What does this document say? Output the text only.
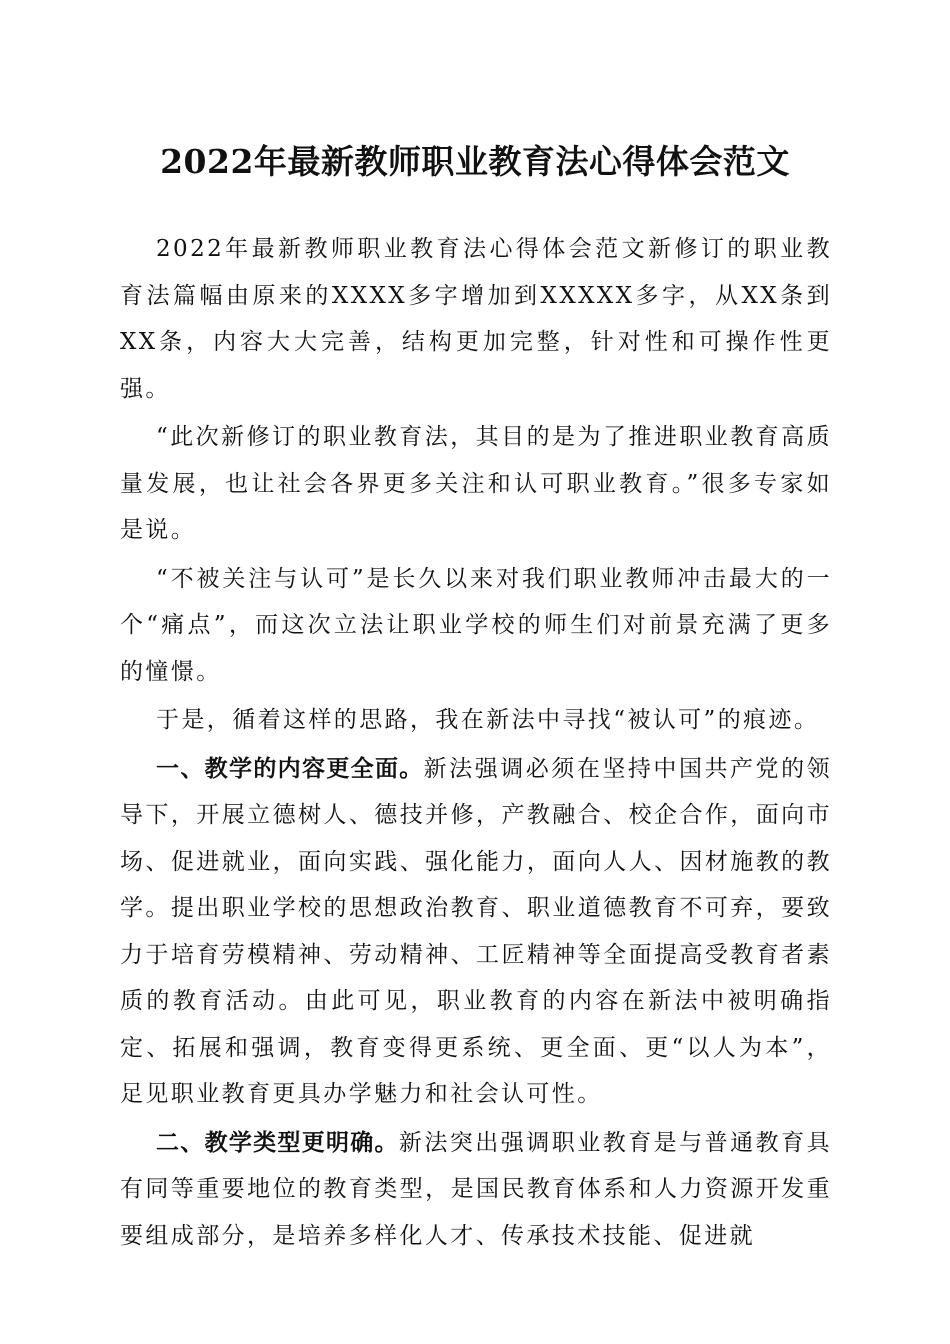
2022年最新教师职业教育法心得体会范文

2022年最新教师职业教育法心得体会范文新修订的职业教育法篇幅由原来的XXXX多字增加到XXXXX多字，从XX条到XX条，内容大大完善，结构更加完整，针对性和可操作性更强。

“此次新修订的职业教育法，其目的是为了推进职业教育高质量发展，也让社会各界更多关注和认可职业教育。”很多专家如是说。

“不被关注与认可”是长久以来对我们职业教师冲击最大的一个“痛点”，而这次立法让职业学校的师生们对前景充满了更多的憧憬。

于是，循着这样的思路，我在新法中寻找“被认可”的痕迹。

一、教学的内容更全面。新法强调必须在坚持中国共产党的领导下，开展立德树人、德技并修，产教融合、校企合作，面向市场、促进就业，面向实践、强化能力，面向人人、因材施教的教学。提出职业学校的思想政治教育、职业道德教育不可弃，要致力于培育劳模精神、劳动精神、工匠精神等全面提高受教育者素质的教育活动。由此可见，职业教育的内容在新法中被明确指定、拓展和强调，教育变得更系统、更全面、更“以人为本”，足见职业教育更具办学魅力和社会认可性。

二、教学类型更明确。新法突出强调职业教育是与普通教育具有同等重要地位的教育类型，是国民教育体系和人力资源开发重要组成部分，是培养多样化人才、传承技术技能、促进就
